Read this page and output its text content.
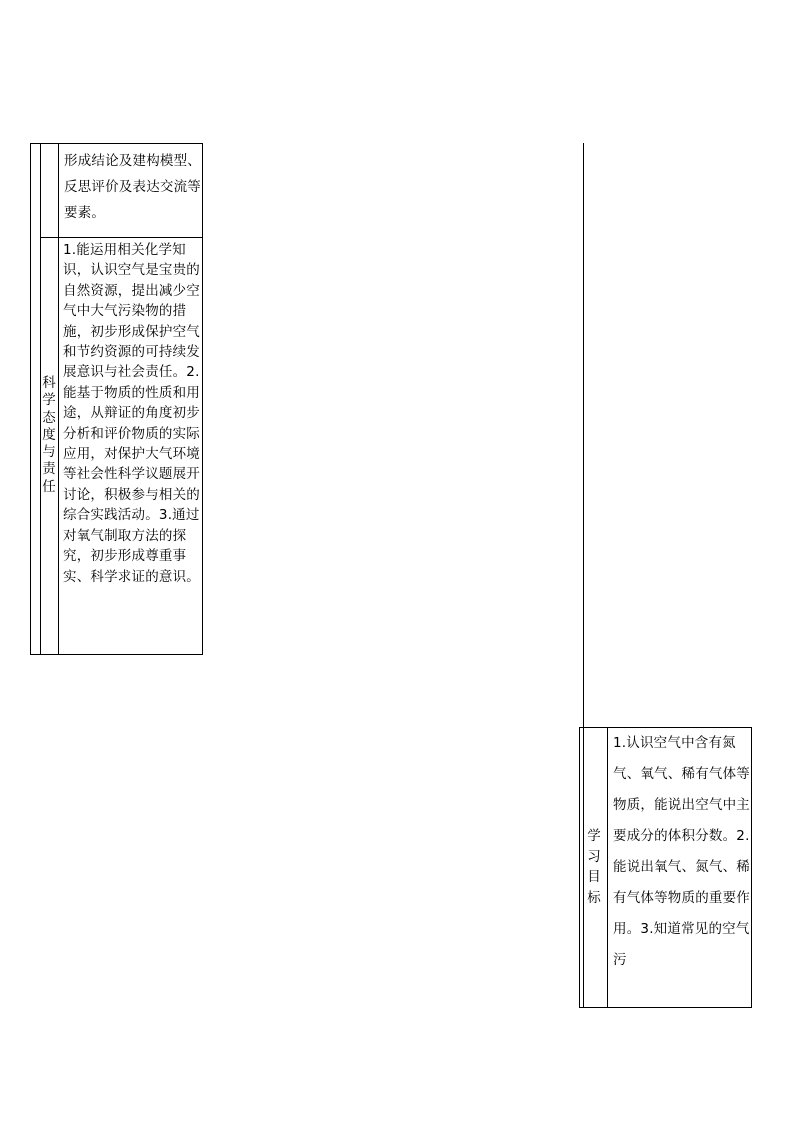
形成结论及建构模型、反思评价及表达交流等要素。
科学态度与责任
1.能运用相关化学知识，认识空气是宝贵的自然资源，提出减少空气中大气污染物的措施，初步形成保护空气和节约资源的可持续发展意识与社会责任。2.能基于物质的性质和用途，从辩证的角度初步分析和评价物质的实际应用，对保护大气环境等社会性科学议题展开讨论，积极参与相关的综合实践活动。3.通过对氧气制取方法的探究，初步形成尊重事实、科学求证的意识。
学习目标
1.认识空气中含有氮气、氧气、稀有气体等物质，能说出空气中主要成分的体积分数。2.能说出氧气、氮气、稀有气体等物质的重要作用。3.知道常见的空气污
